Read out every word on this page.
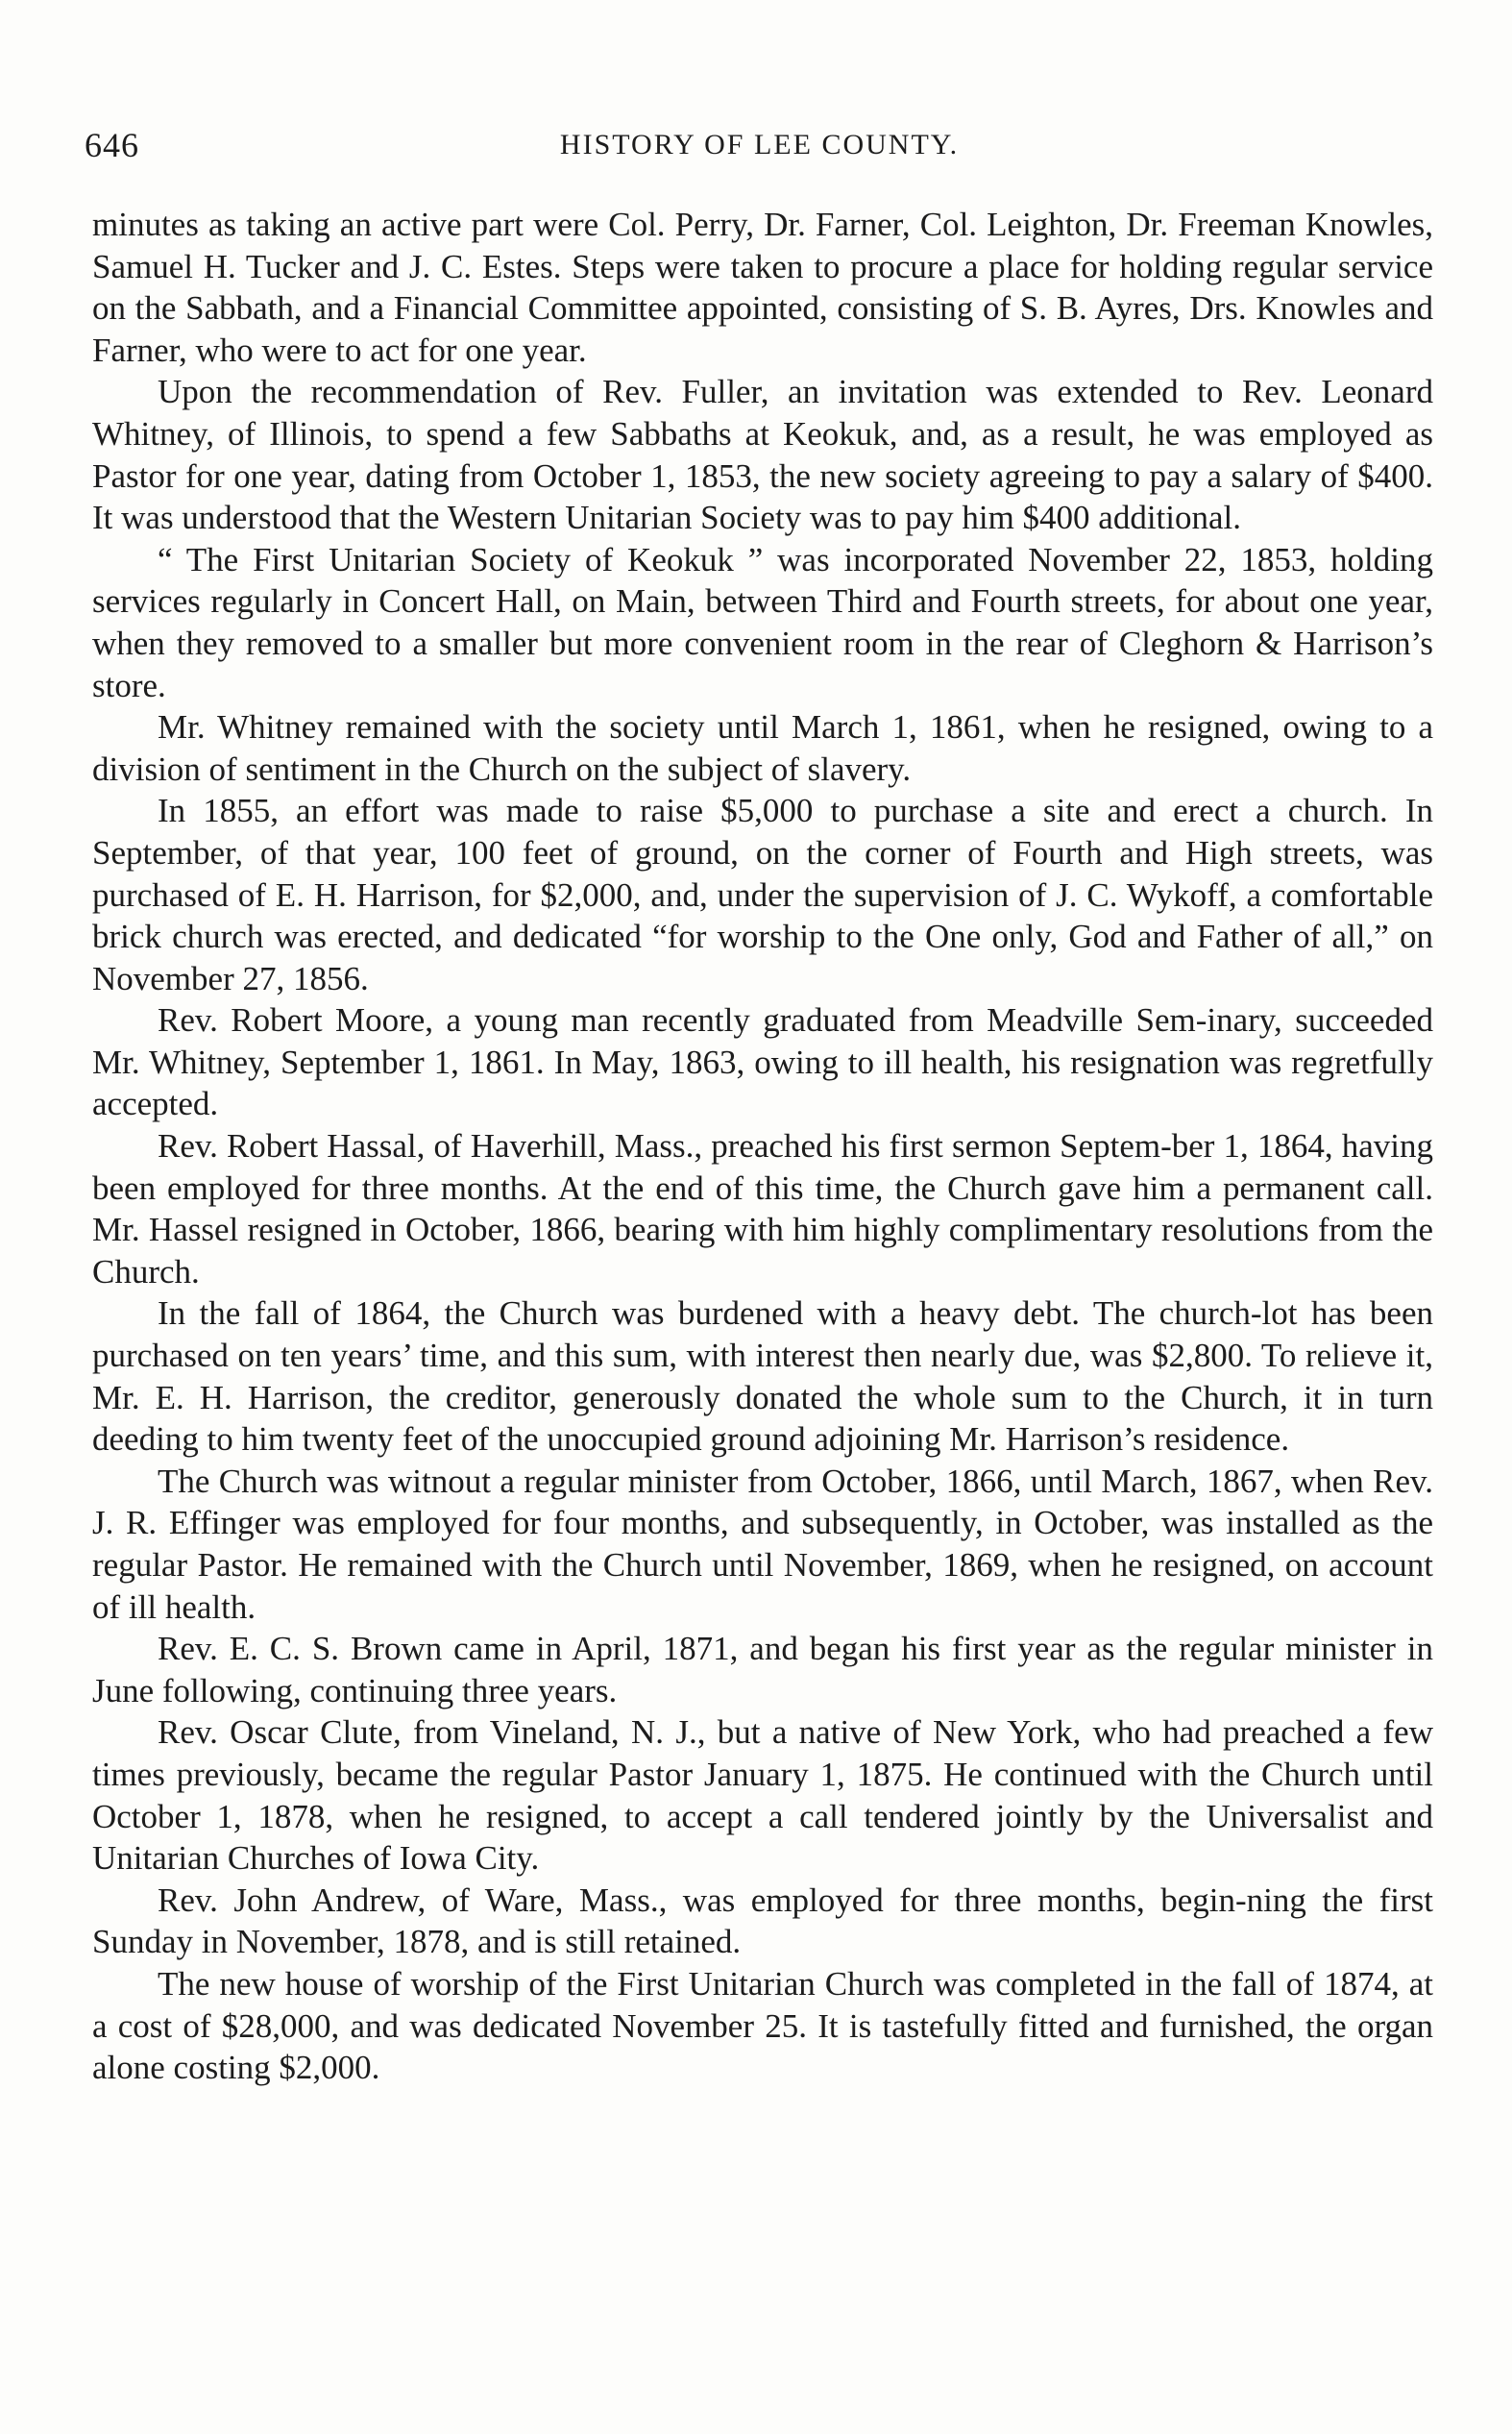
646	HISTORY OF LEE COUNTY.

minutes as taking an active part were Col. Perry, Dr. Farner, Col. Leighton, Dr. Freeman Knowles, Samuel H. Tucker and J. C. Estes. Steps were taken to procure a place for holding regular service on the Sabbath, and a Financial Committee appointed, consisting of S. B. Ayres, Drs. Knowles and Farner, who were to act for one year.

Upon the recommendation of Rev. Fuller, an invitation was extended to Rev. Leonard Whitney, of Illinois, to spend a few Sabbaths at Keokuk, and, as a result, he was employed as Pastor for one year, dating from October 1, 1853, the new society agreeing to pay a salary of $400. It was understood that the Western Unitarian Society was to pay him $400 additional.

“ The First Unitarian Society of Keokuk ” was incorporated November 22, 1853, holding services regularly in Concert Hall, on Main, between Third and Fourth streets, for about one year, when they removed to a smaller but more convenient room in the rear of Cleghorn & Harrison’s store.

Mr. Whitney remained with the society until March 1, 1861, when he resigned, owing to a division of sentiment in the Church on the subject of slavery.

In 1855, an effort was made to raise $5,000 to purchase a site and erect a church. In September, of that year, 100 feet of ground, on the corner of Fourth and High streets, was purchased of E. H. Harrison, for $2,000, and, under the supervision of J. C. Wykoff, a comfortable brick church was erected, and dedicated “for worship to the One only, God and Father of all,” on November 27, 1856.

Rev. Robert Moore, a young man recently graduated from Meadville Sem-inary, succeeded Mr. Whitney, September 1, 1861. In May, 1863, owing to ill health, his resignation was regretfully accepted.

Rev. Robert Hassal, of Haverhill, Mass., preached his first sermon Septem-ber 1, 1864, having been employed for three months. At the end of this time, the Church gave him a permanent call. Mr. Hassel resigned in October, 1866, bearing with him highly complimentary resolutions from the Church.

In the fall of 1864, the Church was burdened with a heavy debt. The church-lot has been purchased on ten years’ time, and this sum, with interest then nearly due, was $2,800. To relieve it, Mr. E. H. Harrison, the creditor, generously donated the whole sum to the Church, it in turn deeding to him twenty feet of the unoccupied ground adjoining Mr. Harrison’s residence.

The Church was witnout a regular minister from October, 1866, until March, 1867, when Rev. J. R. Effinger was employed for four months, and subsequently, in October, was installed as the regular Pastor. He remained with the Church until November, 1869, when he resigned, on account of ill health.

Rev. E. C. S. Brown came in April, 1871, and began his first year as the regular minister in June following, continuing three years.

Rev. Oscar Clute, from Vineland, N. J., but a native of New York, who had preached a few times previously, became the regular Pastor January 1, 1875. He continued with the Church until October 1, 1878, when he resigned, to accept a call tendered jointly by the Universalist and Unitarian Churches of Iowa City.

Rev. John Andrew, of Ware, Mass., was employed for three months, begin-ning the first Sunday in November, 1878, and is still retained.

The new house of worship of the First Unitarian Church was completed in the fall of 1874, at a cost of $28,000, and was dedicated November 25. It is tastefully fitted and furnished, the organ alone costing $2,000.
